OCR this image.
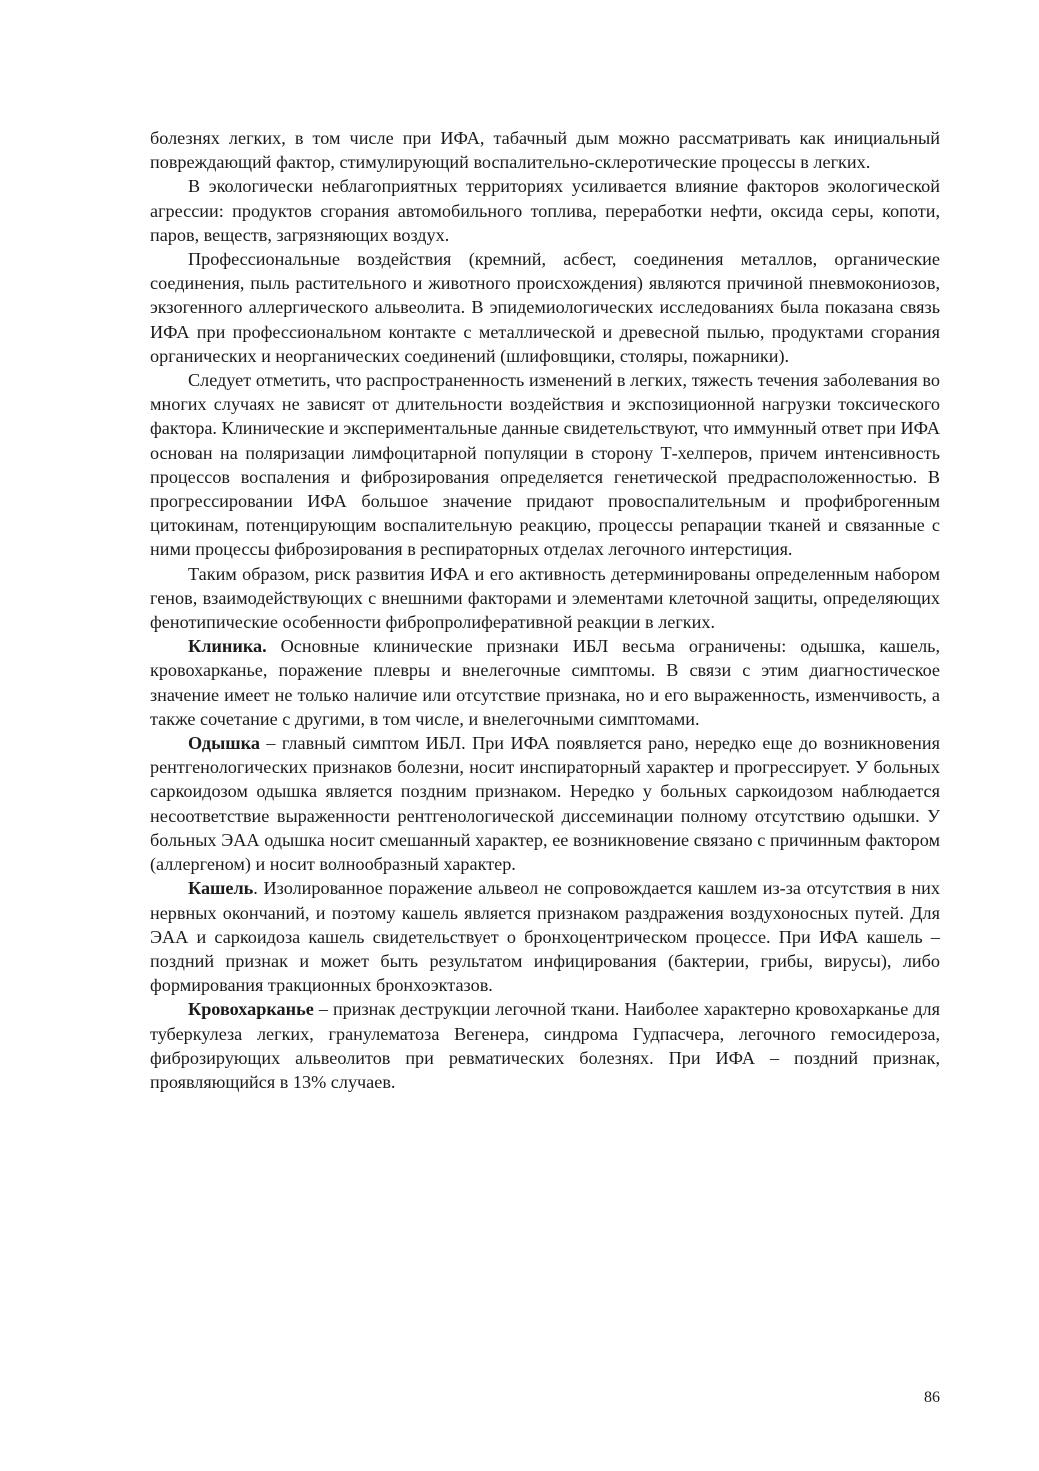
болезнях легких, в том числе при ИФА, табачный дым можно рассматривать как инициальный повреждающий фактор, стимулирующий воспалительно-склеротические процессы в легких.

В экологически неблагоприятных территориях усиливается влияние факторов экологической агрессии: продуктов сгорания автомобильного топлива, переработки нефти, оксида серы, копоти, паров, веществ, загрязняющих воздух.

Профессиональные воздействия (кремний, асбест, соединения металлов, органические соединения, пыль растительного и животного происхождения) являются причиной пневмокониозов, экзогенного аллергического альвеолита. В эпидемиологических исследованиях была показана связь ИФА при профессиональном контакте с металлической и древесной пылью, продуктами сгорания органических и неорганических соединений (шлифовщики, столяры, пожарники).

Следует отметить, что распространенность изменений в легких, тяжесть течения заболевания во многих случаях не зависят от длительности воздействия и экспозиционной нагрузки токсического фактора. Клинические и экспериментальные данные свидетельствуют, что иммунный ответ при ИФА основан на поляризации лимфоцитарной популяции в сторону Т-хелперов, причем интенсивность процессов воспаления и фиброзирования определяется генетической предрасположенностью. В прогрессировании ИФА большое значение придают провоспалительным и профиброгенным цитокинам, потенцирующим воспалительную реакцию, процессы репарации тканей и связанные с ними процессы фиброзирования в респираторных отделах легочного интерстиция.

Таким образом, риск развития ИФА и его активность детерминированы определенным набором генов, взаимодействующих с внешними факторами и элементами клеточной защиты, определяющих фенотипические особенности фибропролиферативной реакции в легких.

Клиника. Основные клинические признаки ИБЛ весьма ограничены: одышка, кашель, кровохарканье, поражение плевры и внелегочные симптомы. В связи с этим диагностическое значение имеет не только наличие или отсутствие признака, но и его выраженность, изменчивость, а также сочетание с другими, в том числе, и внелегочными симптомами.

Одышка – главный симптом ИБЛ. При ИФА появляется рано, нередко еще до возникновения рентгенологических признаков болезни, носит инспираторный характер и прогрессирует. У больных саркоидозом одышка является поздним признаком. Нередко у больных саркоидозом наблюдается несоответствие выраженности рентгенологической диссеминации полному отсутствию одышки. У больных ЭАА одышка носит смешанный характер, ее возникновение связано с причинным фактором (аллергеном) и носит волнообразный характер.

Кашель. Изолированное поражение альвеол не сопровождается кашлем из-за отсутствия в них нервных окончаний, и поэтому кашель является признаком раздражения воздухоносных путей. Для ЭАА и саркоидоза кашель свидетельствует о бронхоцентрическом процессе. При ИФА кашель – поздний признак и может быть результатом инфицирования (бактерии, грибы, вирусы), либо формирования тракционных бронхоэктазов.

Кровохарканье – признак деструкции легочной ткани. Наиболее характерно кровохарканье для туберкулеза легких, гранулематоза Вегенера, синдрома Гудпасчера, легочного гемосидероза, фиброзирующих альвеолитов при ревматических болезнях. При ИФА – поздний признак, проявляющийся в 13% случаев.

86
